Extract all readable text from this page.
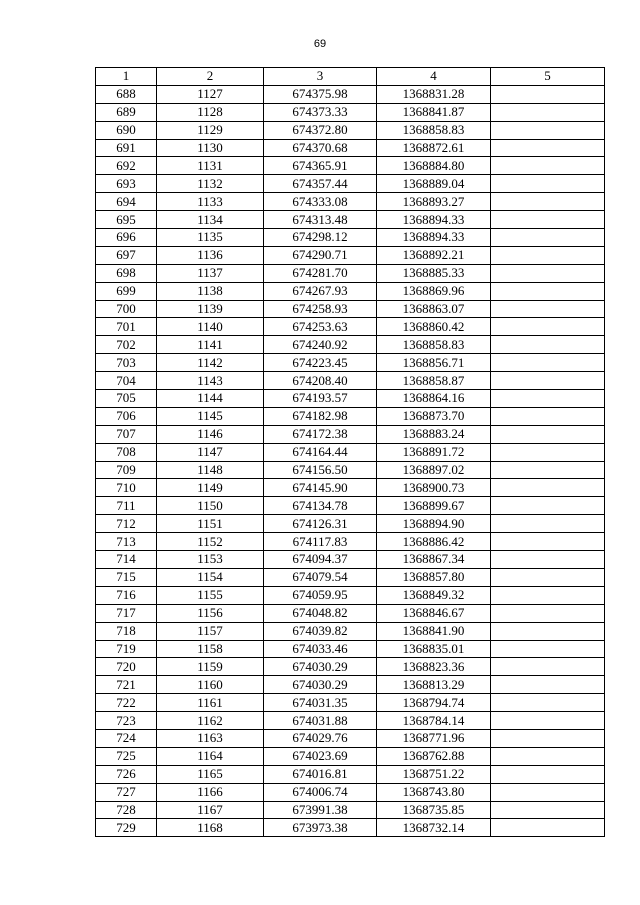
69
1	2	3	4	5
688	1127	674375.98	1368831.28	
689	1128	674373.33	1368841.87	
690	1129	674372.80	1368858.83	
691	1130	674370.68	1368872.61	
692	1131	674365.91	1368884.80	
693	1132	674357.44	1368889.04	
694	1133	674333.08	1368893.27	
695	1134	674313.48	1368894.33	
696	1135	674298.12	1368894.33	
697	1136	674290.71	1368892.21	
698	1137	674281.70	1368885.33	
699	1138	674267.93	1368869.96	
700	1139	674258.93	1368863.07	
701	1140	674253.63	1368860.42	
702	1141	674240.92	1368858.83	
703	1142	674223.45	1368856.71	
704	1143	674208.40	1368858.87	
705	1144	674193.57	1368864.16	
706	1145	674182.98	1368873.70	
707	1146	674172.38	1368883.24	
708	1147	674164.44	1368891.72	
709	1148	674156.50	1368897.02	
710	1149	674145.90	1368900.73	
711	1150	674134.78	1368899.67	
712	1151	674126.31	1368894.90	
713	1152	674117.83	1368886.42	
714	1153	674094.37	1368867.34	
715	1154	674079.54	1368857.80	
716	1155	674059.95	1368849.32	
717	1156	674048.82	1368846.67	
718	1157	674039.82	1368841.90	
719	1158	674033.46	1368835.01	
720	1159	674030.29	1368823.36	
721	1160	674030.29	1368813.29	
722	1161	674031.35	1368794.74	
723	1162	674031.88	1368784.14	
724	1163	674029.76	1368771.96	
725	1164	674023.69	1368762.88	
726	1165	674016.81	1368751.22	
727	1166	674006.74	1368743.80	
728	1167	673991.38	1368735.85	
729	1168	673973.38	1368732.14	
